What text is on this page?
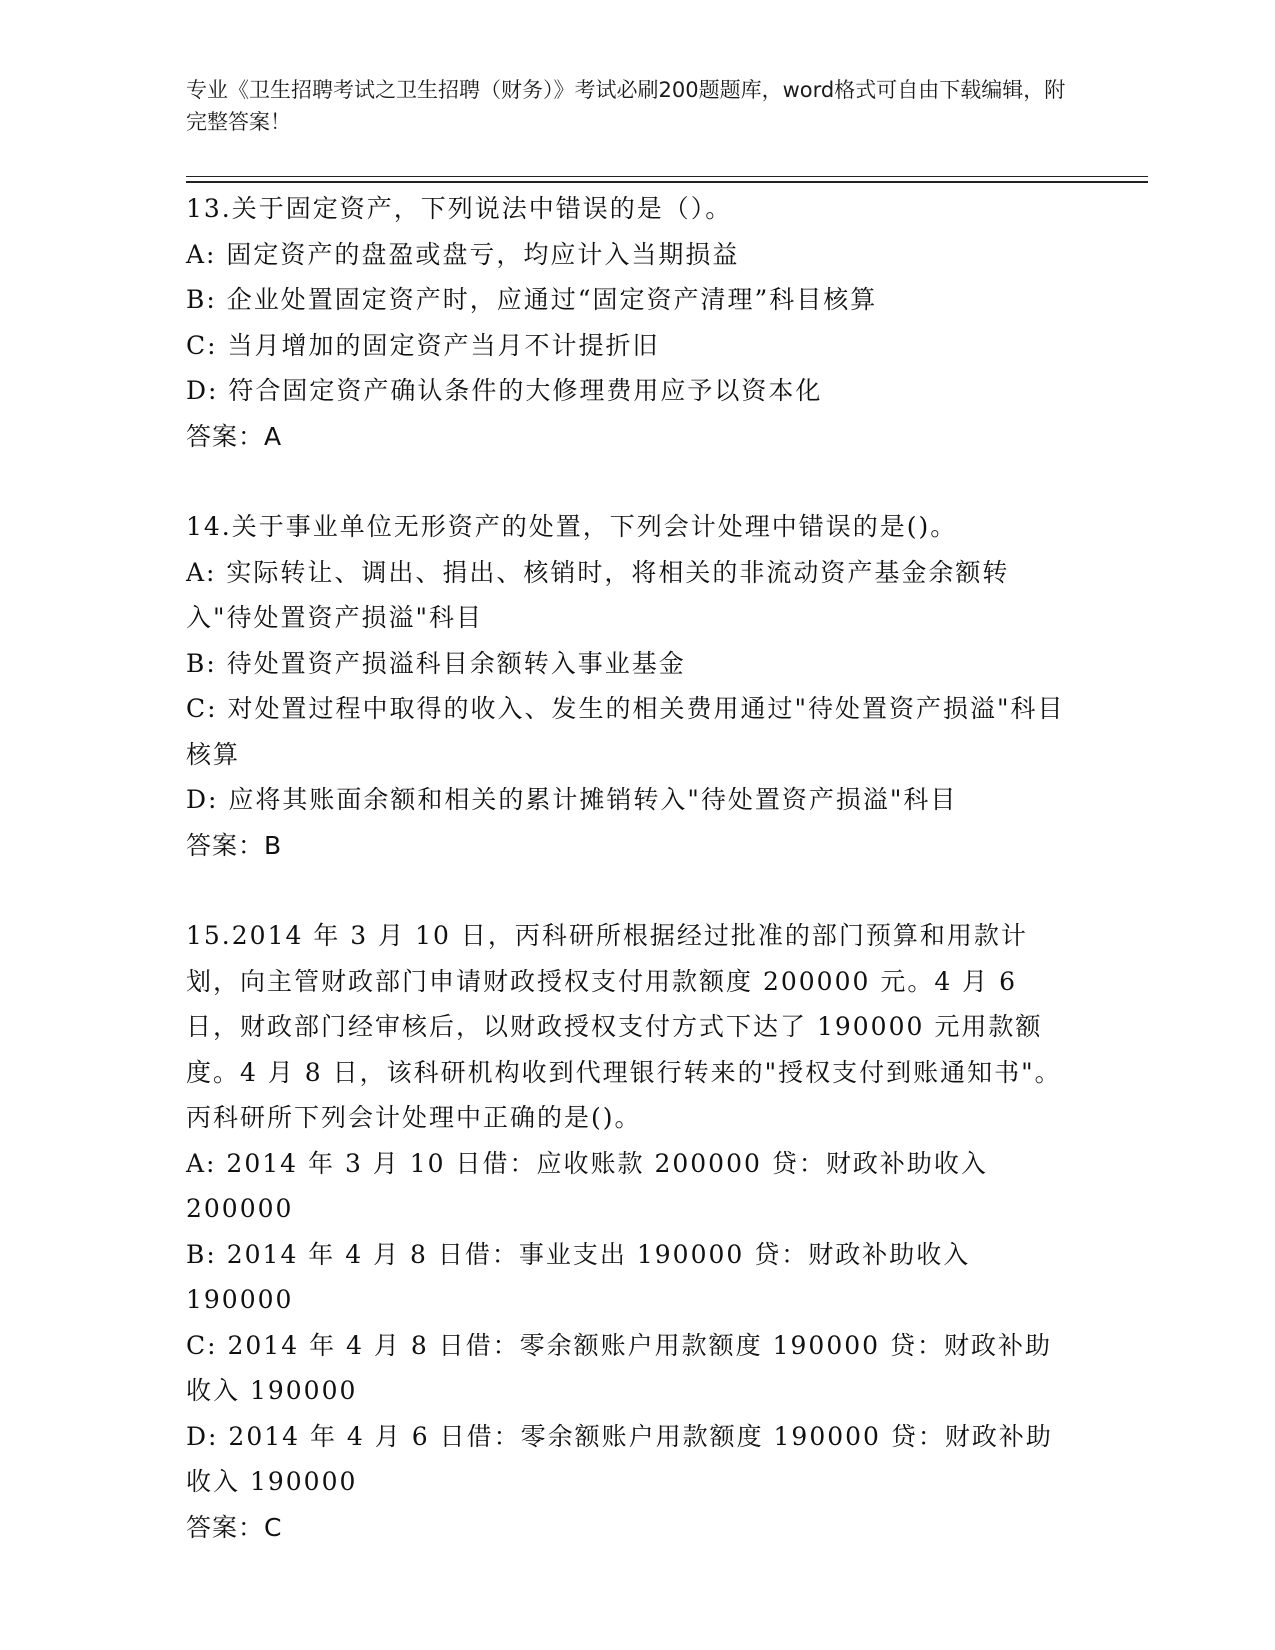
专业《卫生招聘考试之卫生招聘（财务）》考试必刷200题题库，word格式可自由下载编辑，附完整答案！

13.关于固定资产，下列说法中错误的是（）。

A: 固定资产的盘盈或盘亏，均应计入当期损益

B: 企业处置固定资产时，应通过“固定资产清理”科目核算

C: 当月增加的固定资产当月不计提折旧

D: 符合固定资产确认条件的大修理费用应予以资本化

答案：A

14.关于事业单位无形资产的处置，下列会计处理中错误的是()。

A: 实际转让、调出、捐出、核销时，将相关的非流动资产基金余额转入"待处置资产损溢"科目

B: 待处置资产损溢科目余额转入事业基金

C: 对处置过程中取得的收入、发生的相关费用通过"待处置资产损溢"科目核算

D: 应将其账面余额和相关的累计摊销转入"待处置资产损溢"科目

答案：B

15.2014 年 3 月 10 日，丙科研所根据经过批准的部门预算和用款计划，向主管财政部门申请财政授权支付用款额度 200000 元。4 月 6 日，财政部门经审核后，以财政授权支付方式下达了 190000 元用款额度。4 月 8 日，该科研机构收到代理银行转来的"授权支付到账通知书"。丙科研所下列会计处理中正确的是()。

A: 2014 年 3 月 10 日借：应收账款 200000 贷：财政补助收入 200000

B: 2014 年 4 月 8 日借：事业支出 190000 贷：财政补助收入 190000

C: 2014 年 4 月 8 日借：零余额账户用款额度 190000 贷：财政补助收入 190000

D: 2014 年 4 月 6 日借：零余额账户用款额度 190000 贷：财政补助收入 190000

答案：C
